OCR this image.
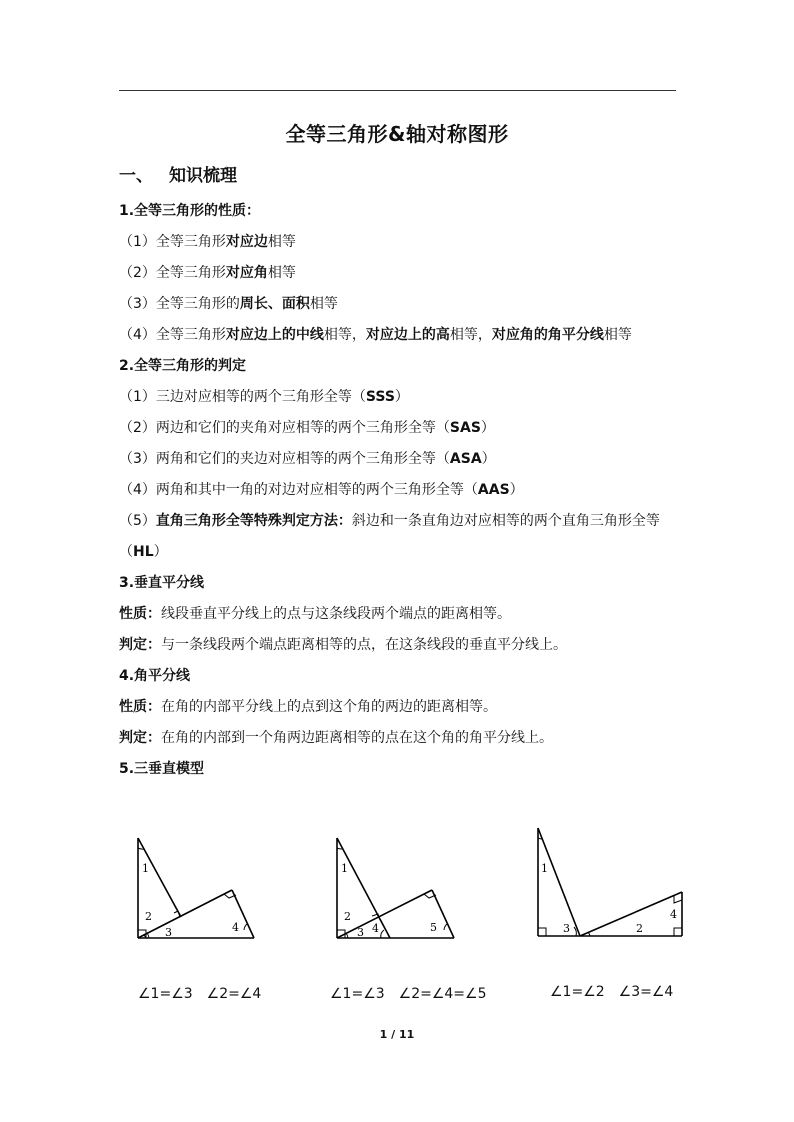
全等三角形&轴对称图形
一、 知识梳理
1.全等三角形的性质：
（1）全等三角形对应边相等
（2）全等三角形对应角相等
（3）全等三角形的周长、面积相等
（4）全等三角形对应边上的中线相等，对应边上的高相等，对应角的角平分线相等
2.全等三角形的判定
（1）三边对应相等的两个三角形全等（SSS）
（2）两边和它们的夹角对应相等的两个三角形全等（SAS）
（3）两角和它们的夹边对应相等的两个三角形全等（ASA）
（4）两角和其中一角的对边对应相等的两个三角形全等（AAS）
（5）直角三角形全等特殊判定方法：斜边和一条直角边对应相等的两个直角三角形全等（HL）
3.垂直平分线
性质：线段垂直平分线上的点与这条线段两个端点的距离相等。
判定：与一条线段两个端点距离相等的点，在这条线段的垂直平分线上。
4.角平分线
性质：在角的内部平分线上的点到这个角的两边的距离相等。
判定：在角的内部到一个角两边距离相等的点在这个角的角平分线上。
5.三垂直模型
1
2
3	4
1
2
3 4	5
1
2
3
4
∠1=∠3　∠2=∠4	∠1=∠3　∠2=∠4=∠5	∠1=∠2　∠3=∠4
1 / 11
